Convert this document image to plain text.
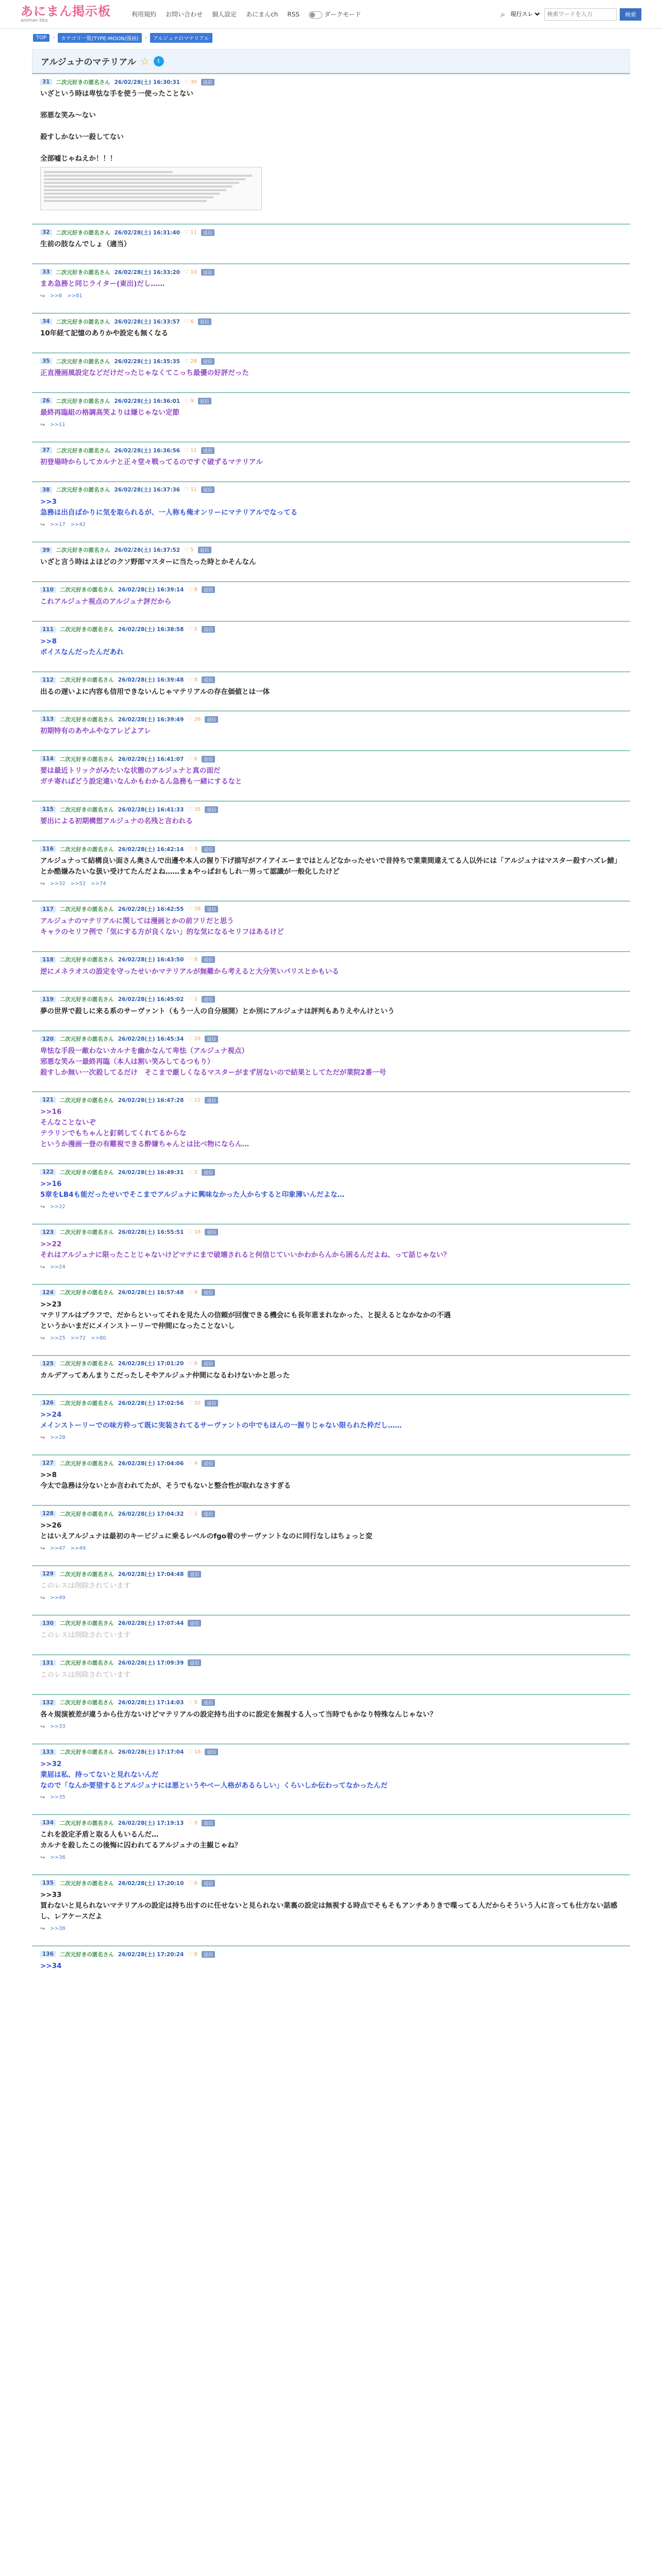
あにまん掲示板
animan bbs
利用規約 お問い合わせ 個人設定 あにまんch RSS	ダークモード	⌕
現行スレ
検索ワードを入力	検索
TOP	›	カテゴリ一覧(TYPE-MOON/漫画)	›	アルジュナのマテリアル
アルジュナのマテリアル ☆	t
31	二次元好きの匿名さん 26/02/28(土) 16:30:31 ♡ 30	返信
いざという時は卑怯な手を使う一使ったことない

邪悪な笑み〜ない

殺すしかない一殺してない

全部嘘じゃねえか！！！
32	二次元好きの匿名さん 26/02/28(土) 16:31:40 ♡ 11	返信
生前の肢なんでしょ（適当）
33	二次元好きの匿名さん 26/02/28(土) 16:33:20 ♡ 10	返信
まあ急務と同じライター(東出)だし……
↪ >>8 >>81
34	二次元好きの匿名さん 26/02/28(土) 16:33:57 ♡ 6	返信
10年経て記憶のありかや設定も無くなる
35	二次元好きの匿名さん 26/02/28(土) 16:35:35 ♡ 28	返信
正直漫画風設定などだけだったじゃなくてこっち最優の好評だった
26	二次元好きの匿名さん 26/02/28(土) 16:36:01 ♡ 9	返信
最終再臨組の格調高笑よりは嫌じゃない定節
↪ >>11
37	二次元好きの匿名さん 26/02/28(土) 16:36:56 ♡ 11	返信
初登場時からしてカルナと正々堂々戦ってるのですぐ破ずるマテリアル
38	二次元好きの匿名さん 26/02/28(土) 16:37:36 ♡ 11	返信
>>3
急務は出自ばかりに気を取られるが、一人称も俺オンリーにマテリアルでなってる
↪ >>17 >>42
39	二次元好きの匿名さん 26/02/28(土) 16:37:52 ♡ 5	返信
いざと言う時はよほどのクソ野郎マスターに当たった時とかそんなん
110	二次元好きの匿名さん 26/02/28(土) 16:39:14 ♡ 8	返信
これアルジュナ視点のアルジュナ評だから
111	二次元好きの匿名さん 26/02/28(土) 16:38:58 ♡ 5	返信
>>8
ボイスなんだったんだあれ
112	二次元好きの匿名さん 26/02/28(土) 16:39:48 ♡ 8	返信
出るの遅いよに内容も信用できないんじゃマテリアルの存在価値とは一体
113	二次元好きの匿名さん 26/02/28(土) 16:39:49 ♡ 26	返信
初期特有のあやふやなアレどよアレ
114	二次元好きの匿名さん 26/02/28(土) 16:41:07 ♡ 6	返信
要は最近トリックがみたいな状態のアルジュナと真の面だ
ガチ寄ればどう設定違いなんかもわかるん急務も一緒にするなと
115	二次元好きの匿名さん 26/02/28(土) 16:41:33 ♡ 35	返信
要出による初期構想アルジュナの名残と言われる
116	二次元好きの匿名さん 26/02/28(土) 16:42:14 ♡ 3	返信
アルジュナって結構良い面さん奥さんで出邊や本人の握り下げ描写がアイアイエーまではとんどなかったせいで昔持ちで業業間違えてる人以外には「アルジュナはマスター殺すハズレ鯖」とか酷嫌みたいな扱い受けてたんだよね……まぁやっぱおもしれ一男って認識が一般化したけど
↪ >>32 >>52 >>74
117	二次元好きの匿名さん 26/02/28(土) 16:42:55 ♡ 28	返信
アルジュナのマテリアルに関しては漫画とかの前フリだと思う
キャラのセリフ例で「気にする方が良くない」的な気になるセリフはあるけど
118	二次元好きの匿名さん 26/02/28(土) 16:43:50 ♡ 8	返信
逆にメネラオスの設定を守ったせいかマテリアルが無難から考えると大分笑いパリスとかもいる
119	二次元好きの匿名さん 26/02/28(土) 16:45:02 ♡ 1	返信
夢の世界で殺しに来る系のサーヴァント（もう一人の自分展開）とか別にアルジュナは評判もありえやんけという
120	二次元好きの匿名さん 26/02/28(土) 16:45:34 ♡ 26	返信
卑怯な手段一敵わないカルナを幽かなんて卑怯（アルジュナ視点）
邪悪な笑み一最終再臨（本人は割い笑みしてるつもり）
殺すしか無い一次殺してるだけ　そこまで厳しくなるマスターがまず居ないので結果としてただが業院2番一号
121	二次元好きの匿名さん 26/02/28(土) 16:47:28 ♡ 12	返信
>>16
そんなことないぞ
テラリンでもちゃんと釘刺してくれてるからな
というか漫画一登の有難視できる酔嫌ちゃんとは比べ物にならん…
122	二次元好きの匿名さん 26/02/28(土) 16:49:31 ♡ 2	返信
>>16
5章をLB4も能だったせいでそこまでアルジュナに興味なかった人からすると印象薄いんだよな…
↪ >>22
123	二次元好きの匿名さん 26/02/28(土) 16:55:51 ♡ 18	返信
>>22
それはアルジュナに限ったことじゃないけどマテにまで破壊されると何信じていいかわからんから困るんだよね、って話じゃない？
↪ >>24
124	二次元好きの匿名さん 26/02/28(土) 16:57:48 ♡ 4	返信
>>23
マテリアルはブラフで、だからといってそれを見た人の信頼が回復できる機会にも長年恵まれなかった、と捉えるとなかなかの不遇
というかいまだにメインストーリーで仲間になったことないし
↪ >>25 >>72 >>80
125	二次元好きの匿名さん 26/02/28(土) 17:01:20 ♡ 6	返信
カルデアってあんまりこだったしそやアルジュナ仲間になるわけないかと思った
126	二次元好きの匿名さん 26/02/28(土) 17:02:56 ♡ 20	返信
>>24
メインストーリーでの味方枠って既に実装されてるサーヴァントの中でもほんの一握りじゃない限られた枠だし……
↪ >>28
127	二次元好きの匿名さん 26/02/28(土) 17:04:06 ♡ 4	返信
>>8
今太で急務は分ないとか言われてたが、そうでもないと整合性が取れなさすぎる
128	二次元好きの匿名さん 26/02/28(土) 17:04:32 ♡ 1	返信
>>26
とはいえアルジュナは最初のキービジュに乗るレベルのfgo着のサーヴァントなのに同行なしはちょっと変
↪ >>47 >>49
129	二次元好きの匿名さん 26/02/28(土) 17:04:48	返信
このレスは削除されています
↪ >>49
130	二次元好きの匿名さん 26/02/28(土) 17:07:44	返信
このレスは削除されています
131	二次元好きの匿名さん 26/02/28(土) 17:09:39	返信
このレスは削除されています
132	二次元好きの匿名さん 26/02/28(土) 17:14:03 ♡ 5	返信
各々規演被差が違うから仕方ないけどマテリアルの設定持ち出すのに設定を無視する人って当時でもかなり特殊なんじゃない？
↪ >>33
133	二次元好きの匿名さん 26/02/28(土) 17:17:04 ♡ 16	返信
>>32
業屈は私、持ってないと見れないんだ
なので「なんか要望するとアルジュナには悪というやベー人格があるらしい」くらいしか伝わってなかったんだ
↪ >>35
134	二次元好きの匿名さん 26/02/28(土) 17:19:13 ♡ 9	返信
これを設定矛盾と取る人もいるんだ…
カルナを殺したこの後悔に囚われてるアルジュナの主観じゃね？
↪ >>36
135	二次元好きの匿名さん 26/02/28(土) 17:20:10 ♡ 6	返信
>>33
買わないと見られないマテリアルの設定は持ち出すのに任せないと見られない業裏の設定は無視する時点でそもそもアンチありきで喋ってる人だからそういう人に言っても仕方ない話感し、レアケースだよ
↪ >>38
136	二次元好きの匿名さん 26/02/28(土) 17:20:24 ♡ 8	返信
>>34
